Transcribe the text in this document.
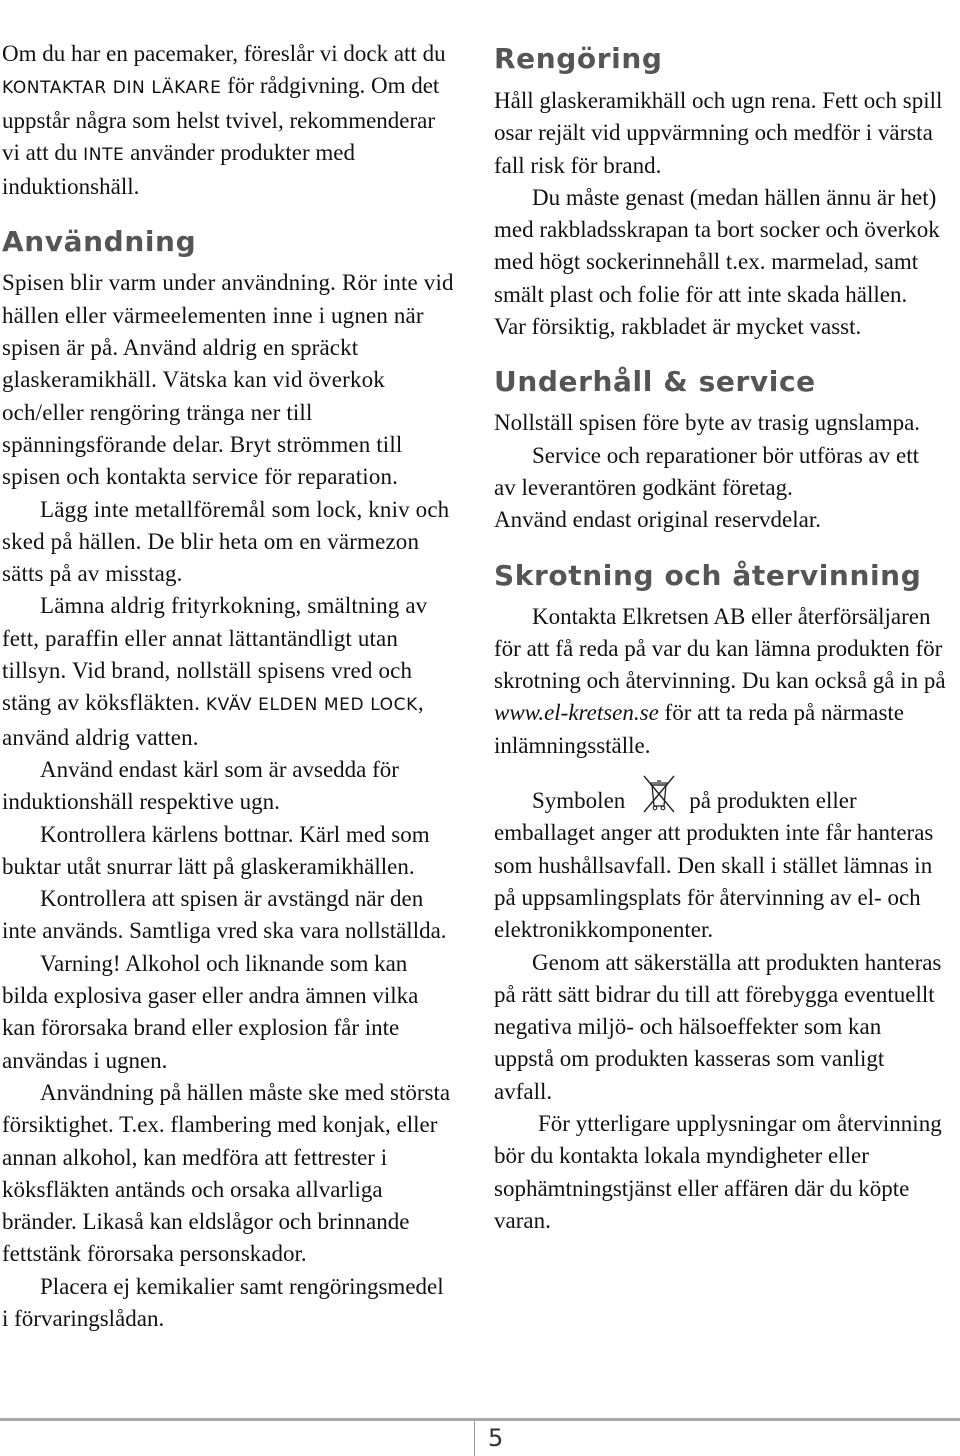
Om du har en pacemaker, föreslår vi dock att du KONTAKTAR DIN LÄKARE för rådgivning. Om det uppstår några som helst tvivel, rekommenderar vi att du INTE använder produkter med induktionshäll.

Användning

Spisen blir varm under användning. Rör inte vid hällen eller värmeelementen inne i ugnen när spisen är på. Använd aldrig en spräckt glaskeramikhäll. Vätska kan vid överkok och/eller rengöring tränga ner till spänningsförande delar. Bryt strömmen till spisen och kontakta service för reparation.

Lägg inte metallföremål som lock, kniv och sked på hällen. De blir heta om en värmezon sätts på av misstag.

Lämna aldrig frityrkokning, smältning av fett, paraffin eller annat lättantändligt utan tillsyn. Vid brand, nollställ spisens vred och stäng av köksfläkten. KVÄV ELDEN MED LOCK, använd aldrig vatten.

Använd endast kärl som är avsedda för induktionshäll respektive ugn.

Kontrollera kärlens bottnar. Kärl med som buktar utåt snurrar lätt på glaskeramikhällen.

Kontrollera att spisen är avstängd när den inte används. Samtliga vred ska vara nollställda.

Varning! Alkohol och liknande som kan bilda explosiva gaser eller andra ämnen vilka kan förorsaka brand eller explosion får inte användas i ugnen.

Användning på hällen måste ske med största försiktighet. T.ex. flambering med konjak, eller annan alkohol, kan medföra att fettrester i köksfläkten antänds och orsaka allvarliga bränder. Likaså kan eldslågor och brinnande fettstänk förorsaka personskador.

Placera ej kemikalier samt rengöringsmedel i förvaringslådan.

Rengöring

Håll glaskeramikhäll och ugn rena. Fett och spill osar rejält vid uppvärmning och medför i värsta fall risk för brand.

Du måste genast (medan hällen ännu är het) med rakbladsskrapan ta bort socker och överkok med högt sockerinnehåll t.ex. marmelad, samt smält plast och folie för att inte skada hällen.

Var försiktig, rakbladet är mycket vasst.

Underhåll & service

Nollställ spisen före byte av trasig ugnslampa.

Service och reparationer bör utföras av ett av leverantören godkänt företag.

Använd endast original reservdelar.

Skrotning och återvinning

Kontakta Elkretsen AB eller återförsäljaren för att få reda på var du kan lämna produkten för skrotning och återvinning. Du kan också gå in på www.el-kretsen.se för att ta reda på närmaste inlämningsställe.

Symbolen	på produkten eller emballaget anger att produkten inte får hanteras som hushållsavfall. Den skall i stället lämnas in på uppsamlingsplats för återvinning av el- och elektronikkomponenter.

Genom att säkerställa att produkten hanteras på rätt sätt bidrar du till att förebygga eventuellt negativa miljö- och hälsoeffekter som kan uppstå om produkten kasseras som vanligt avfall.

För ytterligare upplysningar om återvinning bör du kontakta lokala myndigheter eller sophämtningstjänst eller affären där du köpte varan.

5
